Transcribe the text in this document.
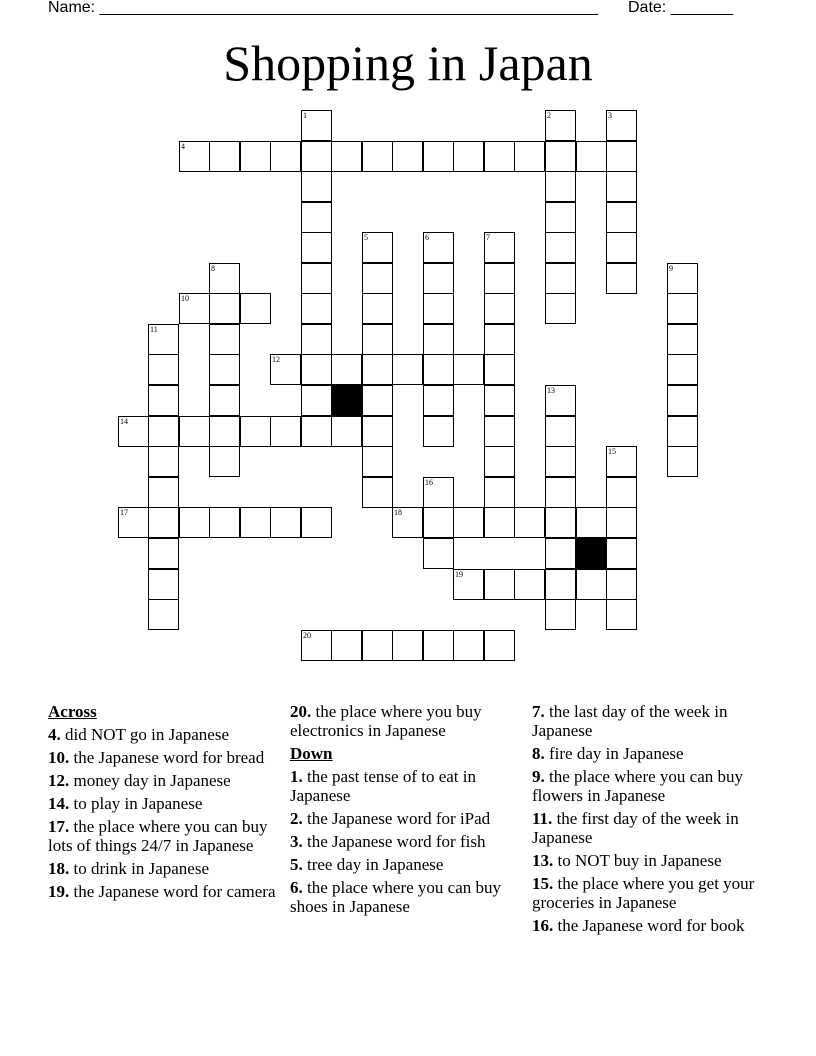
Name: ________________________________________________________ Date: _______
Shopping in Japan
1	2	3
4
5	6	7
8	9
10
11
12
13
14
15
16
17	18
19
20
Across
4. did NOT go in Japanese
10. the Japanese word for bread
12. money day in Japanese
14. to play in Japanese
17. the place where you can buy lots of things 24/7 in Japanese
18. to drink in Japanese
19. the Japanese word for camera
20. the place where you buy electronics in Japanese
Down
1. the past tense of to eat in Japanese
2. the Japanese word for iPad
3. the Japanese word for fish
5. tree day in Japanese
6. the place where you can buy shoes in Japanese
7. the last day of the week in Japanese
8. fire day in Japanese
9. the place where you can buy flowers in Japanese
11. the first day of the week in Japanese
13. to NOT buy in Japanese
15. the place where you get your groceries in Japanese
16. the Japanese word for book
